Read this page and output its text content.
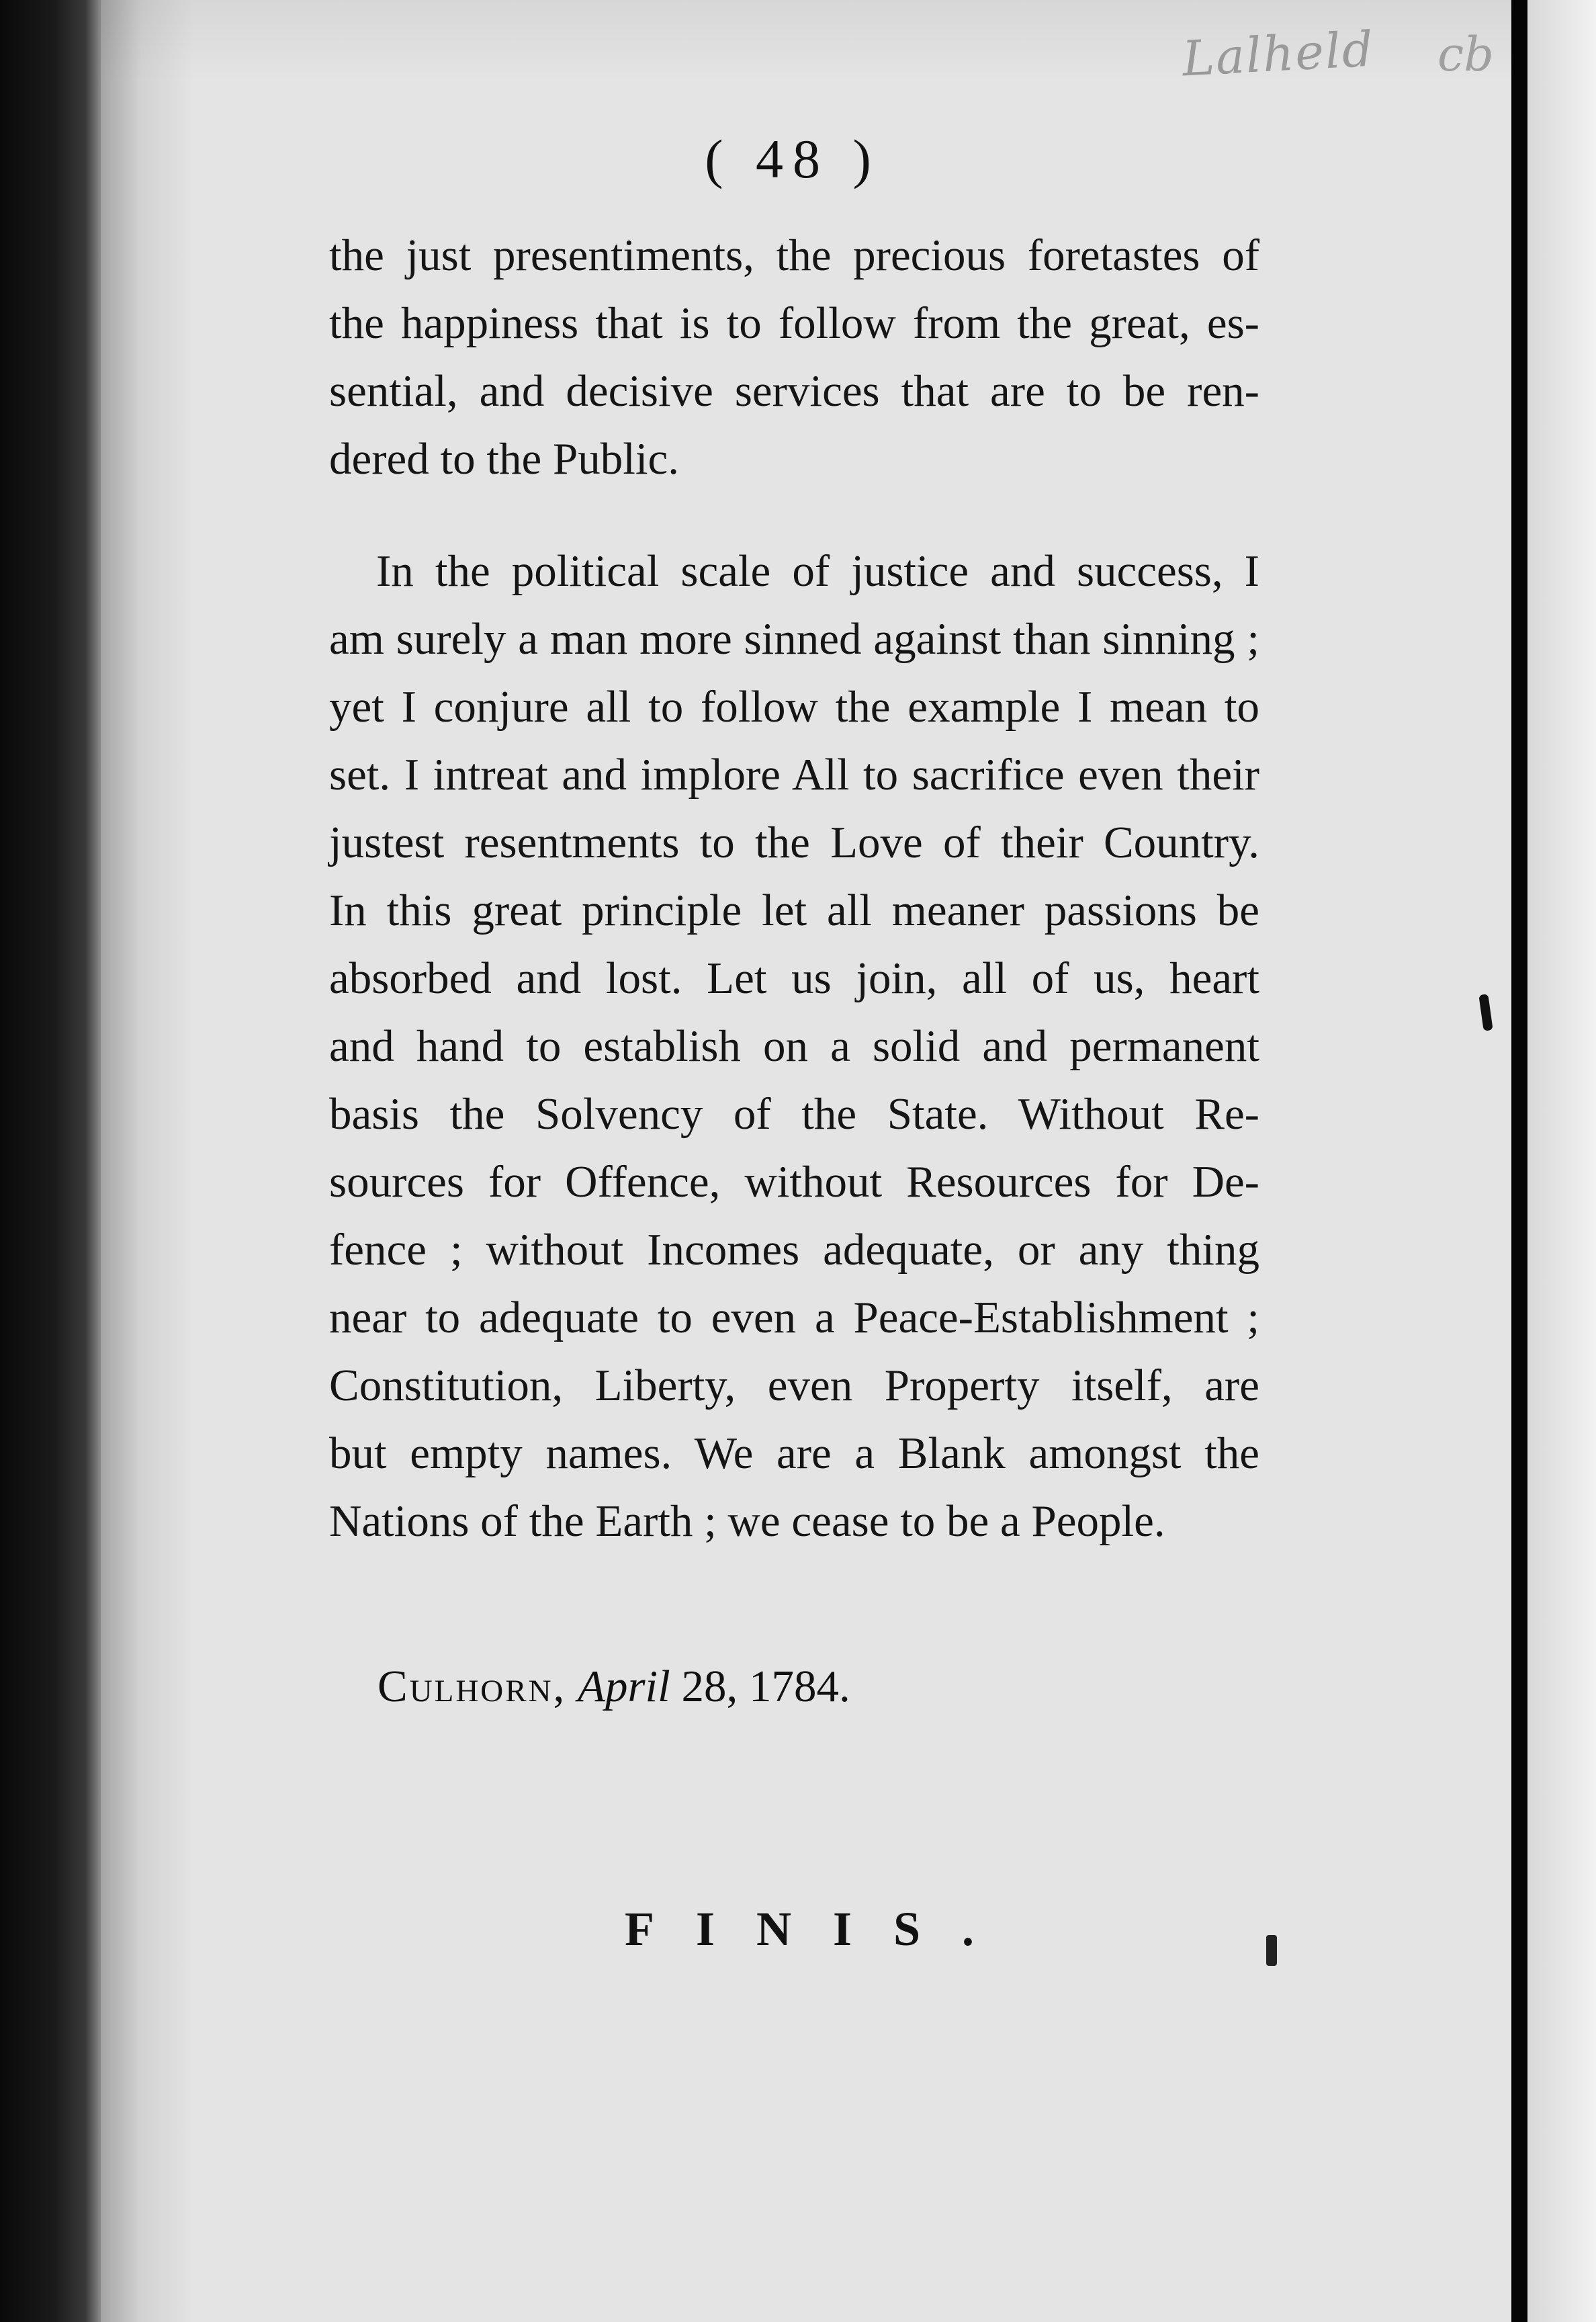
Lalheld cb
( 48 )
the just presentiments, the precious foretastes of
the happiness that is to follow from the great, es-
sential, and decisive services that are to be ren-
dered to the Public.
In the political scale of justice and success, I
am surely a man more sinned against than sinning ;
yet I conjure all to follow the example I mean to
set. I intreat and implore All to sacrifice even their
justest resentments to the Love of their Country.
In this great principle let all meaner passions be
absorbed and lost. Let us join, all of us, heart
and hand to establish on a solid and permanent
basis the Solvency of the State. Without Re-
sources for Offence, without Resources for De-
fence ; without Incomes adequate, or any thing
near to adequate to even a Peace-Establishment ;
Constitution, Liberty, even Property itself, are
but empty names. We are a Blank amongst the
Nations of the Earth ; we cease to be a People.
Culhorn, April 28, 1784.
FINIS.
